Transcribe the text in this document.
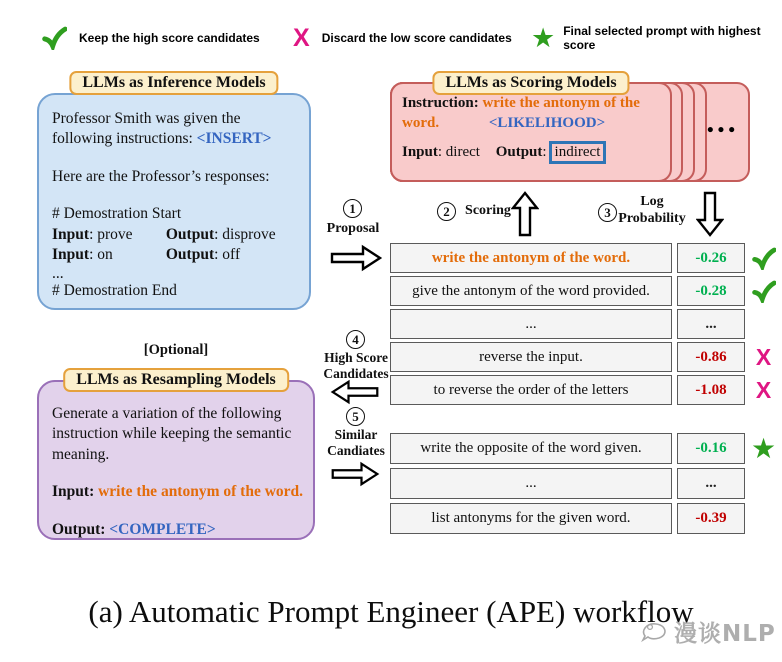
Keep the high score candidates X Discard the low score candidates ★ Final selected prompt with highest score
LLMs as Inference Models
Professor Smith was given the
following instructions: <INSERT>
Here are the Professor’s responses:
# Demostration Start
Input: prove Output: disprove
Input: on	Output: off
...
# Demostration End
•••
Instruction: write the antonym of the
word.	<LIKELIHOOD>
Input: direct Output: indirect
LLMs as Scoring Models
1
Proposal
2	Scoring	3
Log Probability
write the antonym of the word.	-0.26
give the antonym of the word provided.	-0.28
...	...
reverse the input.	-0.86	X
to reverse the order of the letters	-1.08	X
4
High Score Candidates
5
Similar Candiates
[Optional]
LLMs as Resampling Models
Generate a variation of the following instruction while keeping the semantic meaning.
Input: write the antonym of the word.
Output: <COMPLETE>
write the opposite of the word given.	-0.16 ★
...	...
list antonyms for the given word.	-0.39
(a) Automatic Prompt Engineer (APE) workflow
漫谈NLP
